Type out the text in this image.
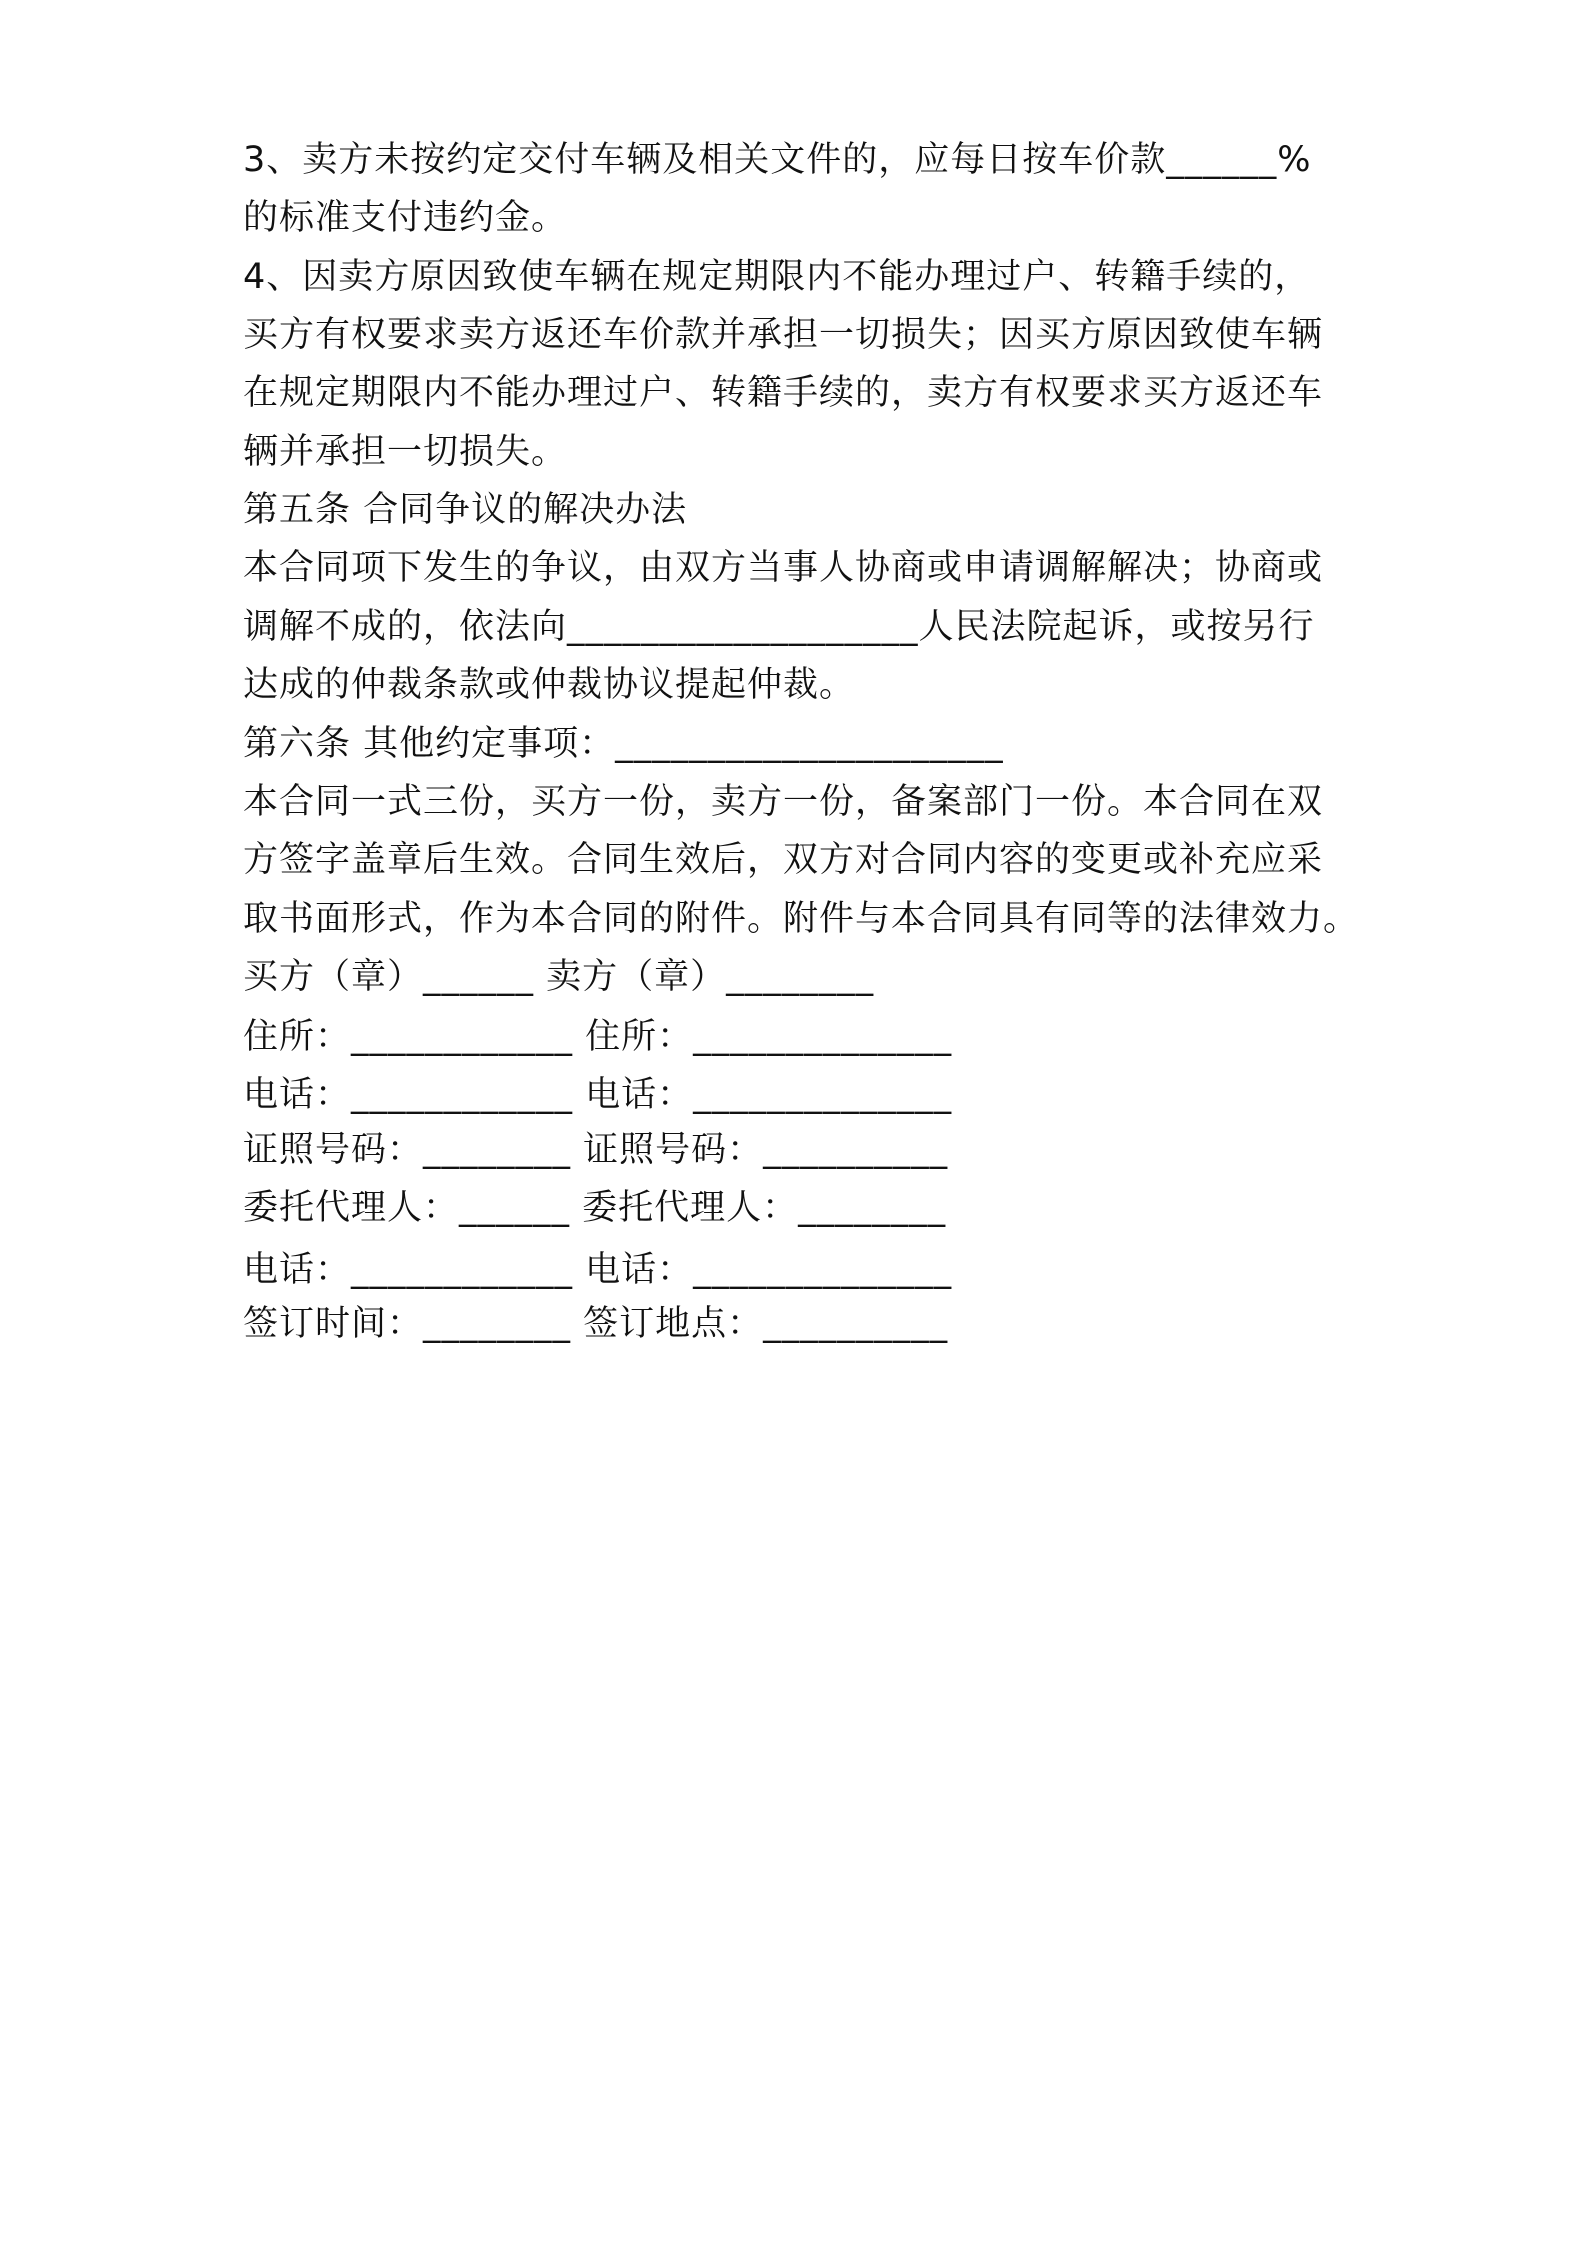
3、卖方未按约定交付车辆及相关文件的，应每日按车价款______%
的标准支付违约金。
4、因卖方原因致使车辆在规定期限内不能办理过户、转籍手续的，
买方有权要求卖方返还车价款并承担一切损失；因买方原因致使车辆
在规定期限内不能办理过户、转籍手续的，卖方有权要求买方返还车
辆并承担一切损失。
第五条 合同争议的解决办法
本合同项下发生的争议，由双方当事人协商或申请调解解决；协商或
调解不成的，依法向___________________人民法院起诉，或按另行
达成的仲裁条款或仲裁协议提起仲裁。
第六条 其他约定事项：_____________________
本合同一式三份，买方一份，卖方一份，备案部门一份。本合同在双
方签字盖章后生效。合同生效后，双方对合同内容的变更或补充应采
取书面形式，作为本合同的附件。附件与本合同具有同等的法律效力。
买方（章）______ 卖方（章）________
住所：____________ 住所：______________
电话：____________ 电话：______________
证照号码：________ 证照号码：__________
委托代理人：______ 委托代理人：________
电话：____________ 电话：______________
签订时间：________ 签订地点：__________
